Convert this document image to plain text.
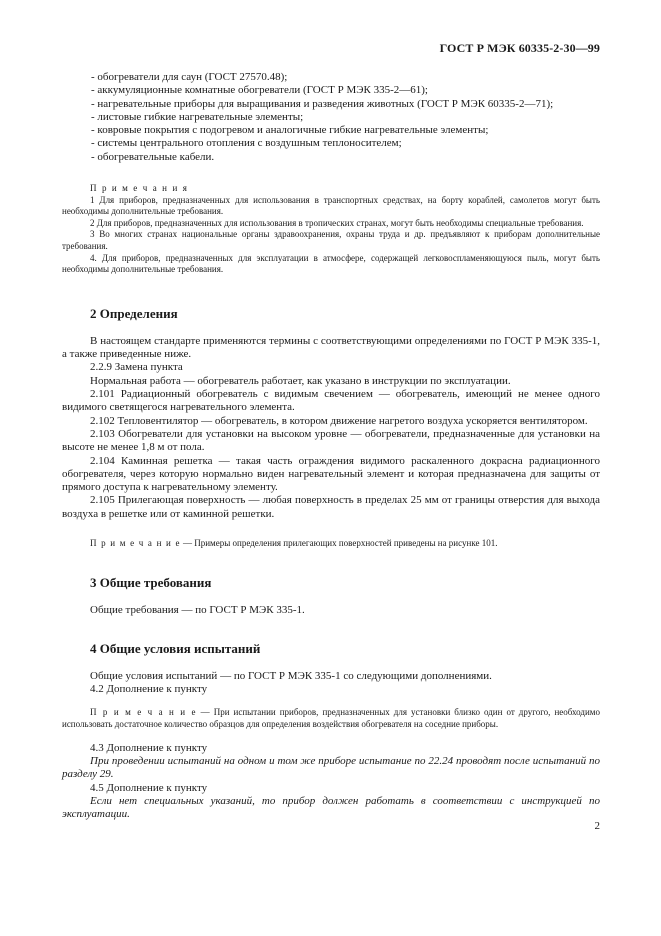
ГОСТ Р МЭК 60335-2-30—99
- обогреватели для саун (ГОСТ 27570.48);
- аккумуляционные комнатные обогреватели (ГОСТ Р МЭК 335-2—61);
- нагревательные приборы для выращивания и разведения животных (ГОСТ Р МЭК 60335-2—71);
- листовые гибкие нагревательные элементы;
- ковровые покрытия с подогревом и аналогичные гибкие нагревательные элементы;
- системы центрального отопления с воздушным теплоносителем;
- обогревательные кабели.
П р и м е ч а н и я
1 Для приборов, предназначенных для использования в транспортных средствах, на борту кораблей, самолетов могут быть необходимы дополнительные требования.
2 Для приборов, предназначенных для использования в тропических странах, могут быть необходимы специальные требования.
3 Во многих странах национальные органы здравоохранения, охраны труда и др. предъявляют к приборам дополнительные требования.
4. Для приборов, предназначенных для эксплуатации в атмосфере, содержащей легковоспламеняющуюся пыль, могут быть необходимы дополнительные требования.
2 Определения
В настоящем стандарте применяются термины с соответствующими определениями по ГОСТ Р МЭК 335-1, а также приведенные ниже.
2.2.9 Замена пункта
Нормальная работа — обогреватель работает, как указано в инструкции по эксплуатации.
2.101 Радиационный обогреватель с видимым свечением — обогреватель, имеющий не менее одного видимого светящегося нагревательного элемента.
2.102 Тепловентилятор — обогреватель, в котором движение нагретого воздуха ускоряется вентилятором.
2.103 Обогреватели для установки на высоком уровне — обогреватели, предназначенные для установки на высоте не менее 1,8 м от пола.
2.104 Каминная решетка — такая часть ограждения видимого раскаленного докрасна радиационного обогревателя, через которую нормально виден нагревательный элемент и которая предназначена для защиты от прямого доступа к нагревательному элементу.
2.105 Прилегающая поверхность — любая поверхность в пределах 25 мм от границы отверстия для выхода воздуха в решетке или от каминной решетки.
П р и м е ч а н и е — Примеры определения прилегающих поверхностей приведены на рисунке 101.
3 Общие требования
Общие требования — по ГОСТ Р МЭК 335-1.
4 Общие условия испытаний
Общие условия испытаний — по ГОСТ Р МЭК 335-1 со следующими дополнениями.
4.2 Дополнение к пункту
П р и м е ч а н и е — При испытании приборов, предназначенных для установки близко один от другого, необходимо использовать достаточное количество образцов для определения воздействия обогревателя на соседние приборы.
4.3 Дополнение к пункту
При проведении испытаний на одном и том же приборе испытание по 22.24 проводят после испытаний по разделу 29.
4.5 Дополнение к пункту
Если нет специальных указаний, то прибор должен работать в соответствии с инструкцией по эксплуатации.
2
